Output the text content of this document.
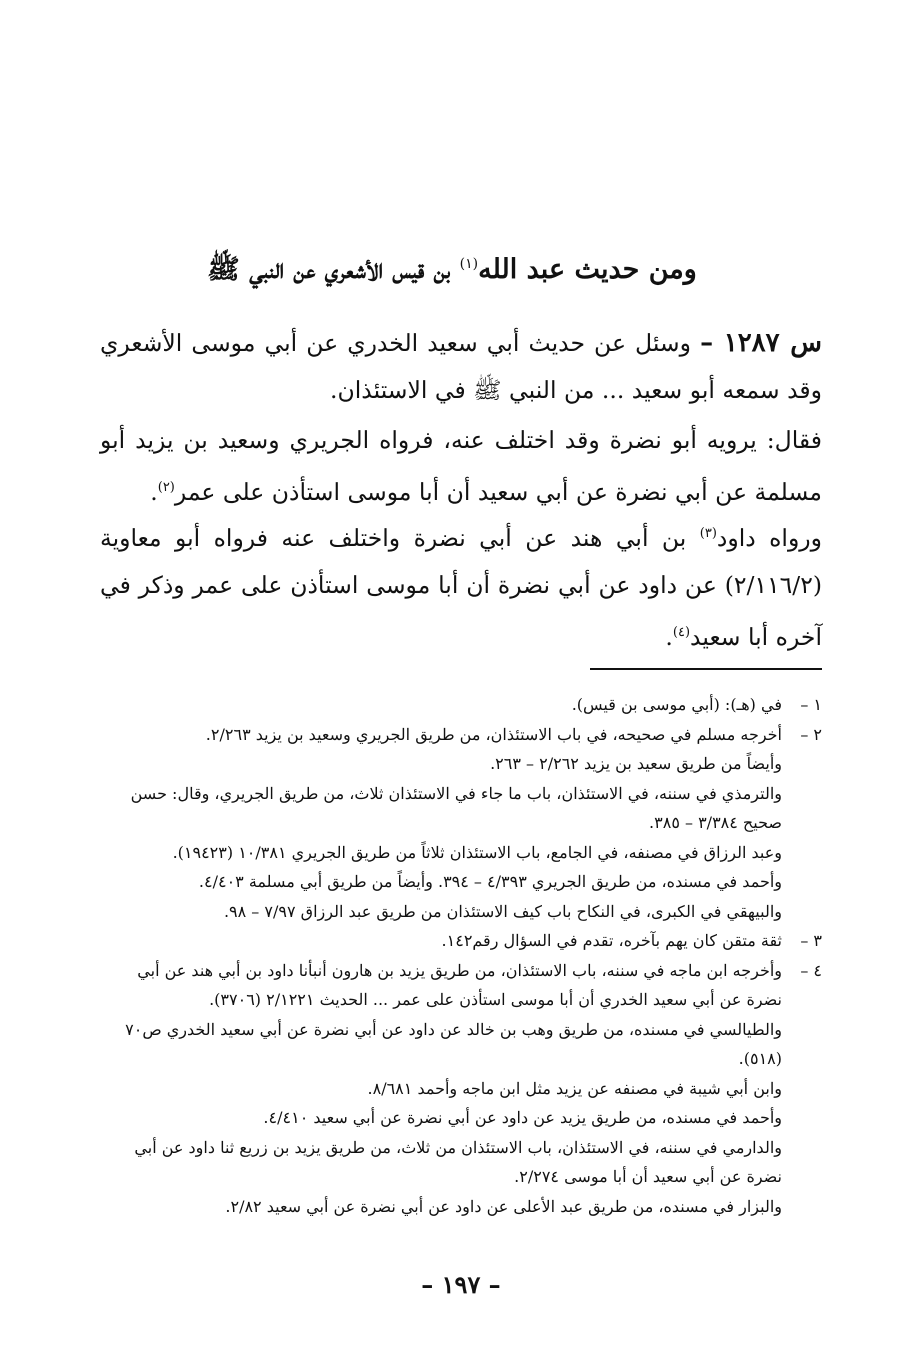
ومن حديث عبد الله$^{(١)}$ بن قيس الأشعري عن النبي ﷺ
س ١٢٨٧ – وسئل عن حديث أبي سعيد الخدري عن أبي موسى الأشعري وقد سمعه أبو سعيد ... من النبي ﷺ في الاستئذان.
فقال: يرويه أبو نضرة وقد اختلف عنه، فرواه الجريري وسعيد بن يزيد أبو مسلمة عن أبي نضرة عن أبي سعيد أن أبا موسى استأذن على عمر$^{(٢)}$.
ورواه داود$^{(٣)}$ بن أبي هند عن أبي نضرة واختلف عنه فرواه أبو معاوية (٢/١١٦/٢) عن داود عن أبي نضرة أن أبا موسى استأذن على عمر وذكر في آخره أبا سعيد$^{(٤)}$.
١ –
في (هـ): (أبي موسى بن قيس).
٢ –
أخرجه مسلم في صحيحه، في باب الاستئذان، من طريق الجريري وسعيد بن يزيد ٢/٢٦٣.
وأيضاً من طريق سعيد بن يزيد ٢/٢٦٢ – ٢٦٣.
والترمذي في سننه، في الاستئذان، باب ما جاء في الاستئذان ثلاث، من طريق الجريري، وقال: حسن صحيح ٣/٣٨٤ – ٣٨٥.
وعبد الرزاق في مصنفه، في الجامع، باب الاستئذان ثلاثاً من طريق الجريري ١٠/٣٨١ (١٩٤٢٣).
وأحمد في مسنده، من طريق الجريري ٤/٣٩٣ – ٣٩٤. وأيضاً من طريق أبي مسلمة ٤/٤٠٣.
والبيهقي في الكبرى، في النكاح باب كيف الاستئذان من طريق عبد الرزاق ٧/٩٧ – ٩٨.
٣ –
ثقة متقن كان يهم بآخره، تقدم في السؤال رقم١٤٢.
٤ –
وأخرجه ابن ماجه في سننه، باب الاستئذان، من طريق يزيد بن هارون أنبأنا داود بن أبي هند عن أبي نضرة عن أبي سعيد الخدري أن أبا موسى استأذن على عمر ... الحديث ٢/١٢٢١ (٣٧٠٦).
والطيالسي في مسنده، من طريق وهب بن خالد عن داود عن أبي نضرة عن أبي سعيد الخدري ص٧٠ (٥١٨).
وابن أبي شيبة في مصنفه عن يزيد مثل ابن ماجه وأحمد ٨/٦٨١.
وأحمد في مسنده، من طريق يزيد عن داود عن أبي نضرة عن أبي سعيد ٤/٤١٠.
والدارمي في سننه، في الاستئذان، باب الاستئذان من ثلاث، من طريق يزيد بن زريع ثنا داود عن أبي نضرة عن أبي سعيد أن أبا موسى ٢/٢٧٤.
والبزار في مسنده، من طريق عبد الأعلى عن داود عن أبي نضرة عن أبي سعيد ٢/٨٢.
– ١٩٧ –
